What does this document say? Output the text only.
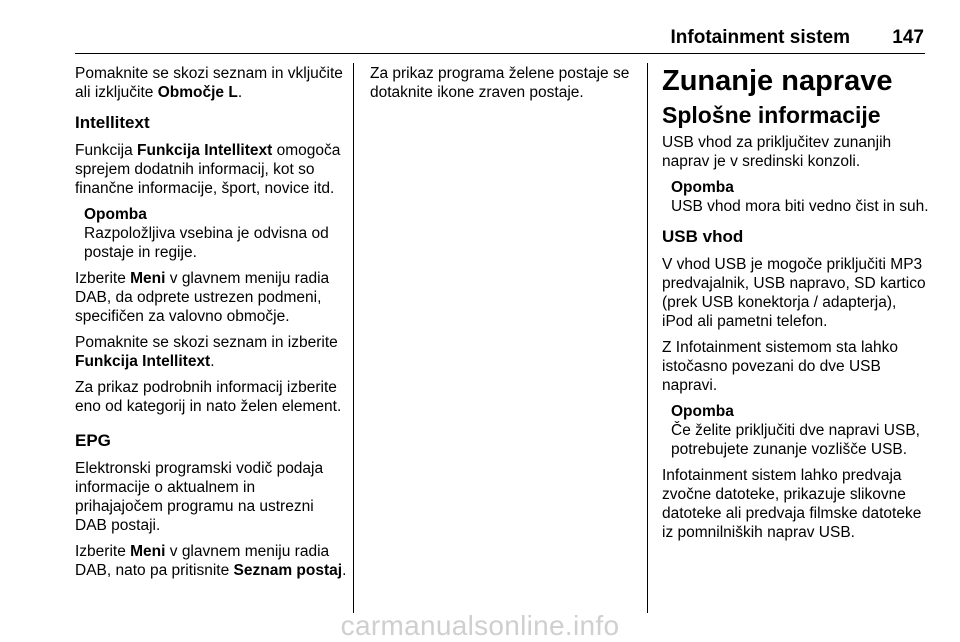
Infotainment sistem	147

Pomaknite se skozi seznam in vključite ali izključite Območje L.

Intellitext

Funkcija Funkcija Intellitext omogoča sprejem dodatnih informacij, kot so finančne informacije, šport, novice itd.

Opomba
Razpoložljiva vsebina je odvisna od postaje in regije.

Izberite Meni v glavnem meniju radia DAB, da odprete ustrezen podmeni, specifičen za valovno območje.

Pomaknite se skozi seznam in izberite Funkcija Intellitext.

Za prikaz podrobnih informacij izberite eno od kategorij in nato želen element.

EPG

Elektronski programski vodič podaja informacije o aktualnem in prihajajočem programu na ustrezni DAB postaji.

Izberite Meni v glavnem meniju radia DAB, nato pa pritisnite Seznam postaj.

Za prikaz programa želene postaje se dotaknite ikone zraven postaje.	Zunanje naprave
Splošne informacije

USB vhod za priključitev zunanjih naprav je v sredinski konzoli.

Opomba
USB vhod mora biti vedno čist in suh.
USB vhod

V vhod USB je mogoče priključiti MP3 predvajalnik, USB napravo, SD kartico (prek USB konektorja / adapterja), iPod ali pametni telefon.

Z Infotainment sistemom sta lahko istočasno povezani do dve USB napravi.

Opomba
Če želite priključiti dve napravi USB, potrebujete zunanje vozlišče USB.

Infotainment sistem lahko predvaja zvočne datoteke, prikazuje slikovne datoteke ali predvaja filmske datoteke iz pomnilniških naprav USB.

carmanualsonline.info
